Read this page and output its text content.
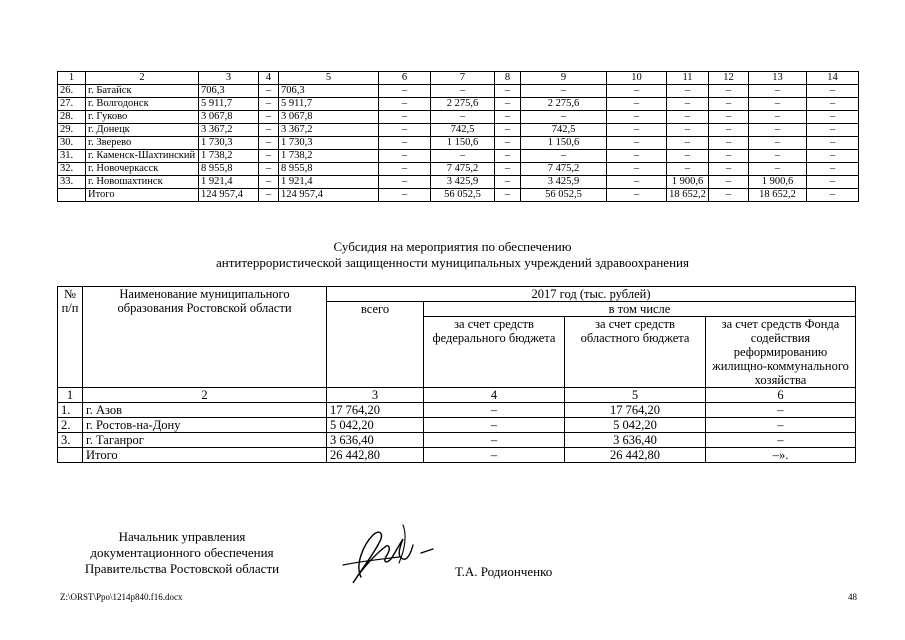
1	2	3	4	5	6	7	8	9	10	11	12	13	14
26.	г. Батайск	706,3	–	706,3	–	–	–	–	–	–	–	–	–
27.	г. Волгодонск	5 911,7	–	5 911,7	–	2 275,6	–	2 275,6	–	–	–	–	–
28.	г. Гуково	3 067,8	–	3 067,8	–	–	–	–	–	–	–	–	–
29.	г. Донецк	3 367,2	–	3 367,2	–	742,5	–	742,5	–	–	–	–	–
30.	г. Зверево	1 730,3	–	1 730,3	–	1 150,6	–	1 150,6	–	–	–	–	–
31.	г. Каменск-Шахтинский	1 738,2	–	1 738,2	–	–	–	–	–	–	–	–	–
32.	г. Новочеркасск	8 955,8	–	8 955,8	–	7 475,2	–	7 475,2	–	–	–	–	–
33.	г. Новошахтинск	1 921,4	–	1 921,4	–	3 425,9	–	3 425,9	–	1 900,6	–	1 900,6	–
	Итого	124 957,4	–	124 957,4	–	56 052,5	–	56 052,5	–	18 652,2	–	18 652,2	–
Субсидия на мероприятия по обеспечению
антитеррористической защищенности муниципальных учреждений здравоохранения
№ п/п	Наименование муниципального образования Ростовской области	2017 год (тыс. рублей)			
		всего	в том числе		
			за счет средств федерального бюджета	за счет средств областного бюджета	за счет средств Фонда содействия реформированию жилищно-коммунального хозяйства
1	2	3	4	5	6
1.	г. Азов	17 764,20	–	17 764,20	–
2.	г. Ростов-на-Дону	5 042,20	–	5 042,20	–
3.	г. Таганрог	3 636,40	–	3 636,40	–
	Итого	26 442,80	–	26 442,80	–».
Начальник управления
документационного обеспечения
Правительства Ростовской области	Т.А. Родионченко
Z:\ORST\Ppo\1214p840.f16.docx	48
